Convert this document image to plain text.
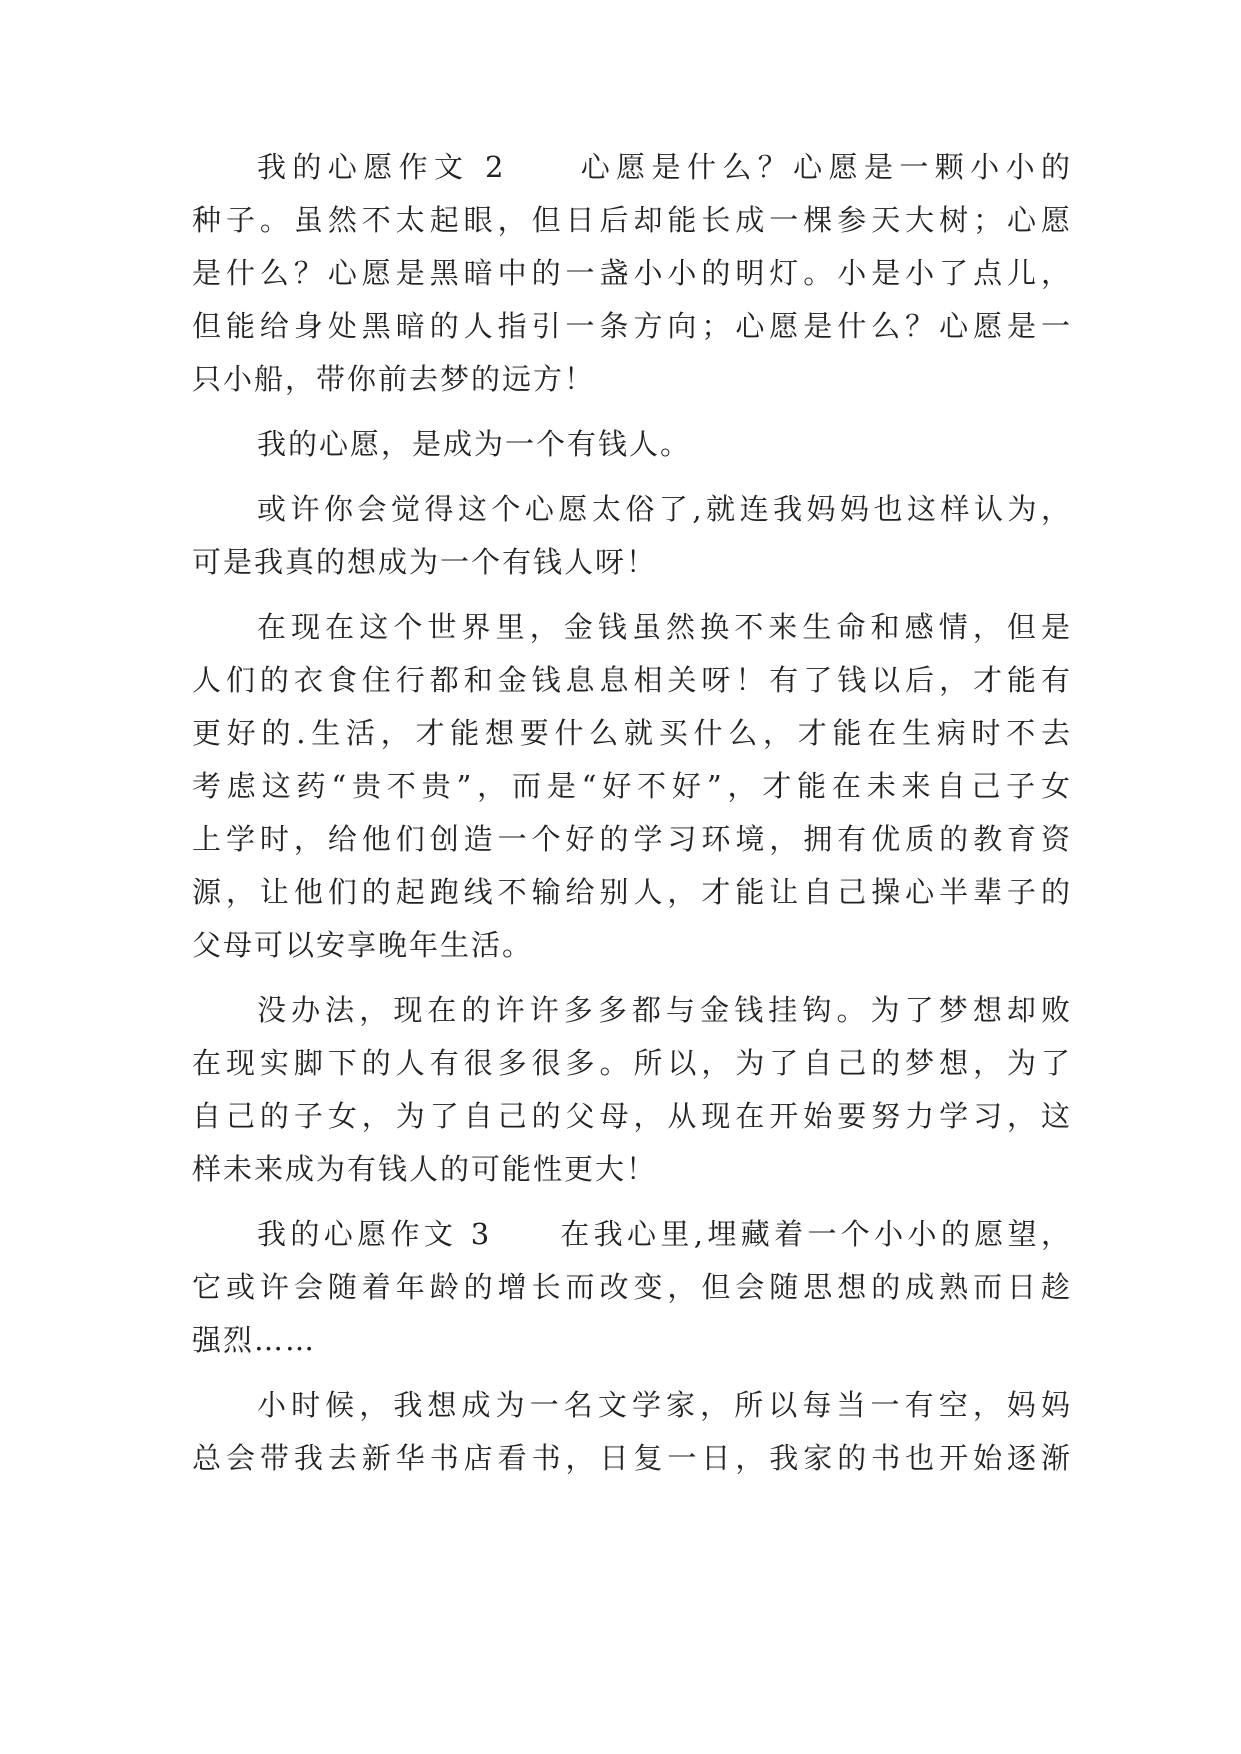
我的心愿作文 2　　心愿是什么？心愿是一颗小小的
种子。虽然不太起眼，但日后却能长成一棵参天大树；心愿
是什么？心愿是黑暗中的一盏小小的明灯。小是小了点儿，
但能给身处黑暗的人指引一条方向；心愿是什么？心愿是一
只小船，带你前去梦的远方！
我的心愿，是成为一个有钱人。
或许你会觉得这个心愿太俗了,就连我妈妈也这样认为，
可是我真的想成为一个有钱人呀！
在现在这个世界里，金钱虽然换不来生命和感情，但是
人们的衣食住行都和金钱息息相关呀！有了钱以后，才能有
更好的.生活，才能想要什么就买什么，才能在生病时不去
考虑这药“贵不贵”，而是“好不好”，才能在未来自己子女
上学时，给他们创造一个好的学习环境，拥有优质的教育资
源，让他们的起跑线不输给别人，才能让自己操心半辈子的
父母可以安享晚年生活。
没办法，现在的许许多多都与金钱挂钩。为了梦想却败
在现实脚下的人有很多很多。所以，为了自己的梦想，为了
自己的子女，为了自己的父母，从现在开始要努力学习，这
样未来成为有钱人的可能性更大！
我的心愿作文 3　　在我心里,埋藏着一个小小的愿望，
它或许会随着年龄的增长而改变，但会随思想的成熟而日趁
强烈……
小时候，我想成为一名文学家，所以每当一有空，妈妈
总会带我去新华书店看书，日复一日，我家的书也开始逐渐
